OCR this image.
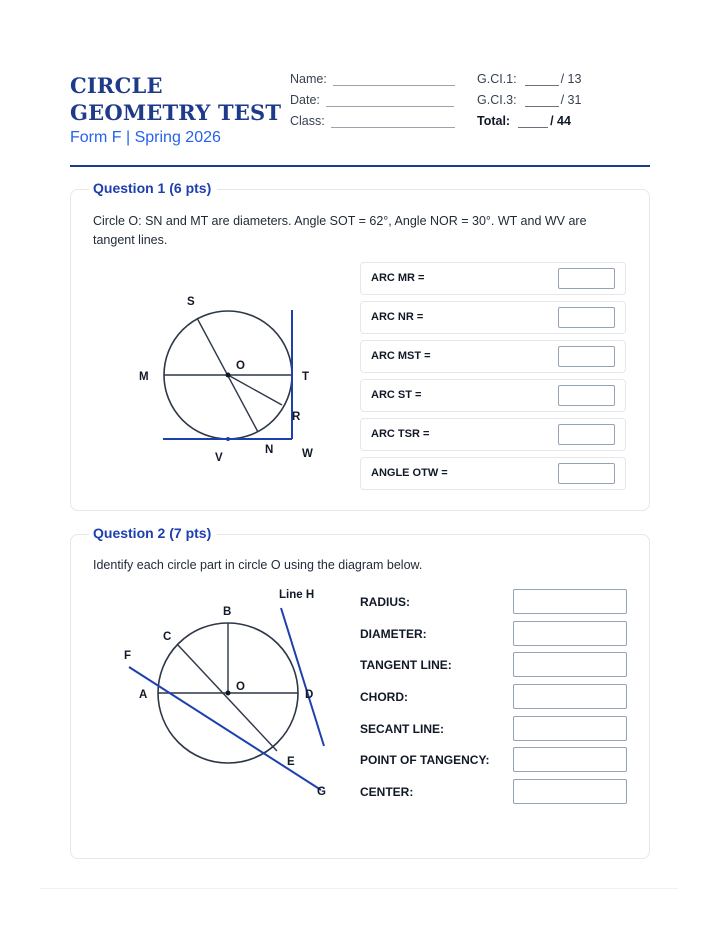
CIRCLE GEOMETRY TEST
Form F | Spring 2026
Name:
Date:
Class:
G.CI.1:	/ 13
G.CI.3:	/ 31
Total:	/ 44
Question 1 (6 pts)
Circle O: SN and MT are diameters. Angle SOT = 62°, Angle NOR = 30°. WT and WV are tangent lines.
S
O
M	T
R
N
V	W
ARC MR =
ARC NR =
ARC MST =
ARC ST =
ARC TSR =
ANGLE OTW =
Question 2 (7 pts)
Identify each circle part in circle O using the diagram below.
Line H
B
C
F
A
O
D
E
G
RADIUS:
DIAMETER:
TANGENT LINE:
CHORD:
SECANT LINE:
POINT OF TANGENCY:
CENTER:
